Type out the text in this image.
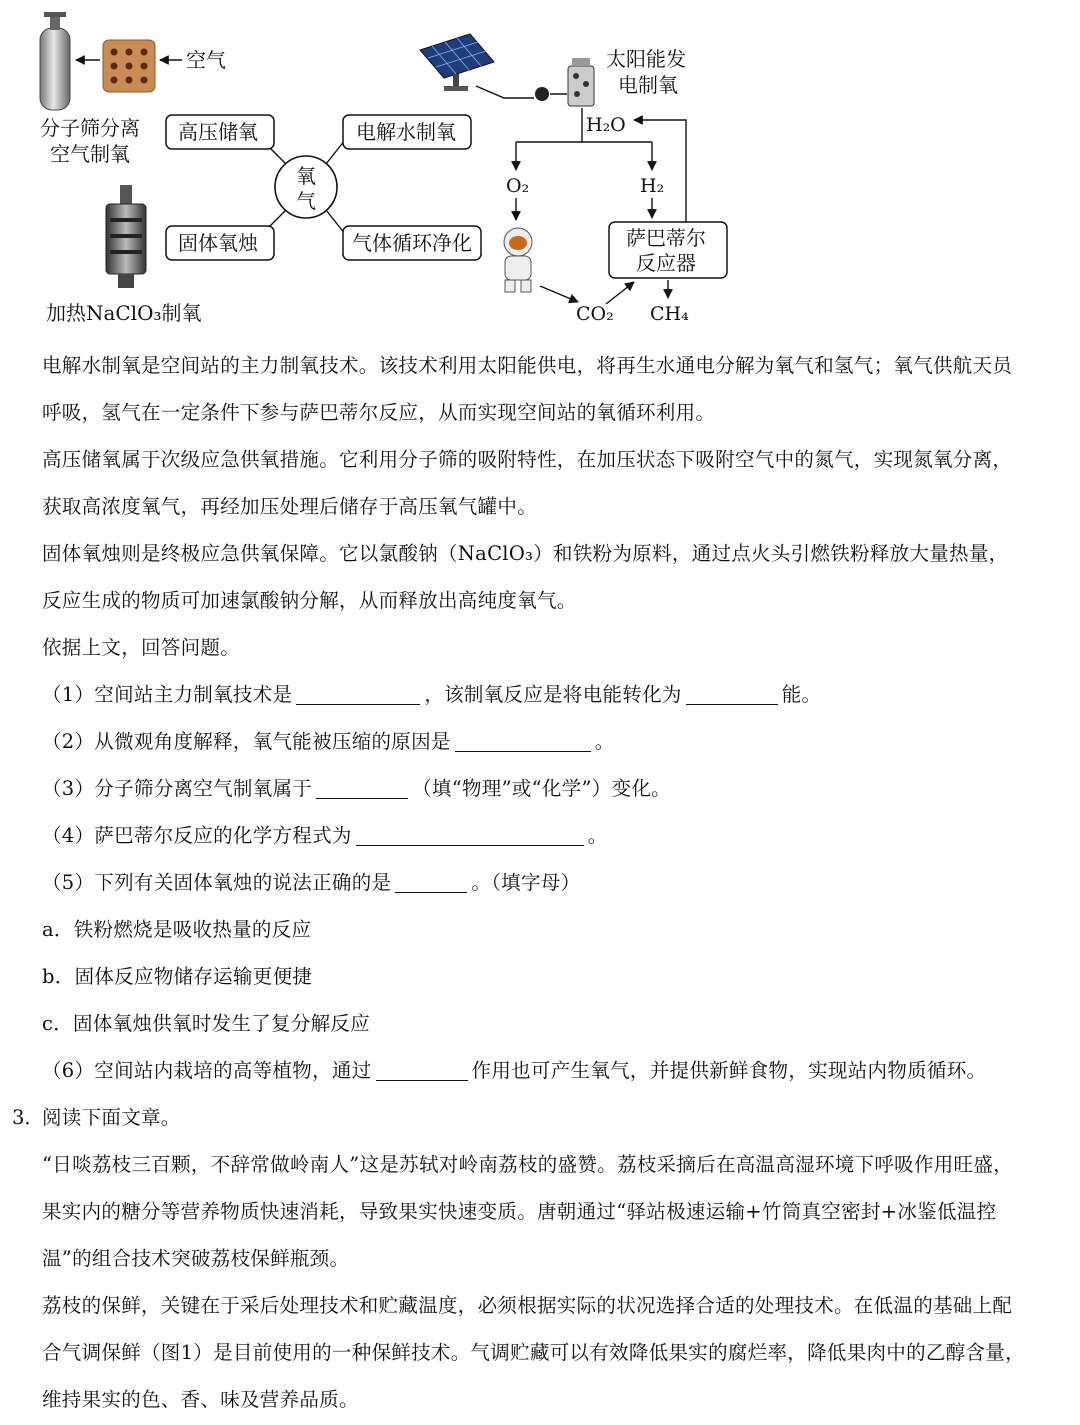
空气
分子筛分离
空气制氧
加热NaClO₃制氧
氧
气
高压储氧	电解水制氧
固体氧烛	气体循环净化
太阳能发
电制氧
H₂O
O₂	H₂
萨巴蒂尔
反应器
CO₂ CH₄
电解水制氧是空间站的主力制氧技术。该技术利用太阳能供电，将再生水通电分解为氧气和氢气；氧气供航天员
呼吸，氢气在一定条件下参与萨巴蒂尔反应，从而实现空间站的氧循环利用。
高压储氧属于次级应急供氧措施。它利用分子筛的吸附特性，在加压状态下吸附空气中的氮气，实现氮氧分离，
获取高浓度氧气，再经加压处理后储存于高压氧气罐中。
固体氧烛则是终极应急供氧保障。它以氯酸钠（NaClO₃）和铁粉为原料，通过点火头引燃铁粉释放大量热量，
反应生成的物质可加速氯酸钠分解，从而释放出高纯度氧气。
依据上文，回答问题。
（1）空间站主力制氧技术是	，该制氧反应是将电能转化为	能。
（2）从微观角度解释，氧气能被压缩的原因是	。
（3）分子筛分离空气制氧属于	（填“物理”或“化学”）变化。
（4）萨巴蒂尔反应的化学方程式为	。
（5）下列有关固体氧烛的说法正确的是	。（填字母）
a．铁粉燃烧是吸收热量的反应
b．固体反应物储存运输更便捷
c．固体氧烛供氧时发生了复分解反应
（6）空间站内栽培的高等植物，通过	作用也可产生氧气，并提供新鲜食物，实现站内物质循环。
3．
阅读下面文章。
“日啖荔枝三百颗，不辞常做岭南人”这是苏轼对岭南荔枝的盛赞。荔枝采摘后在高温高湿环境下呼吸作用旺盛，
果实内的糖分等营养物质快速消耗，导致果实快速变质。唐朝通过“驿站极速运输+竹筒真空密封+冰鉴低温控
温”的组合技术突破荔枝保鲜瓶颈。
荔枝的保鲜，关键在于采后处理技术和贮藏温度，必须根据实际的状况选择合适的处理技术。在低温的基础上配
合气调保鲜（图1）是目前使用的一种保鲜技术。气调贮藏可以有效降低果实的腐烂率，降低果肉中的乙醇含量，
维持果实的色、香、味及营养品质。
